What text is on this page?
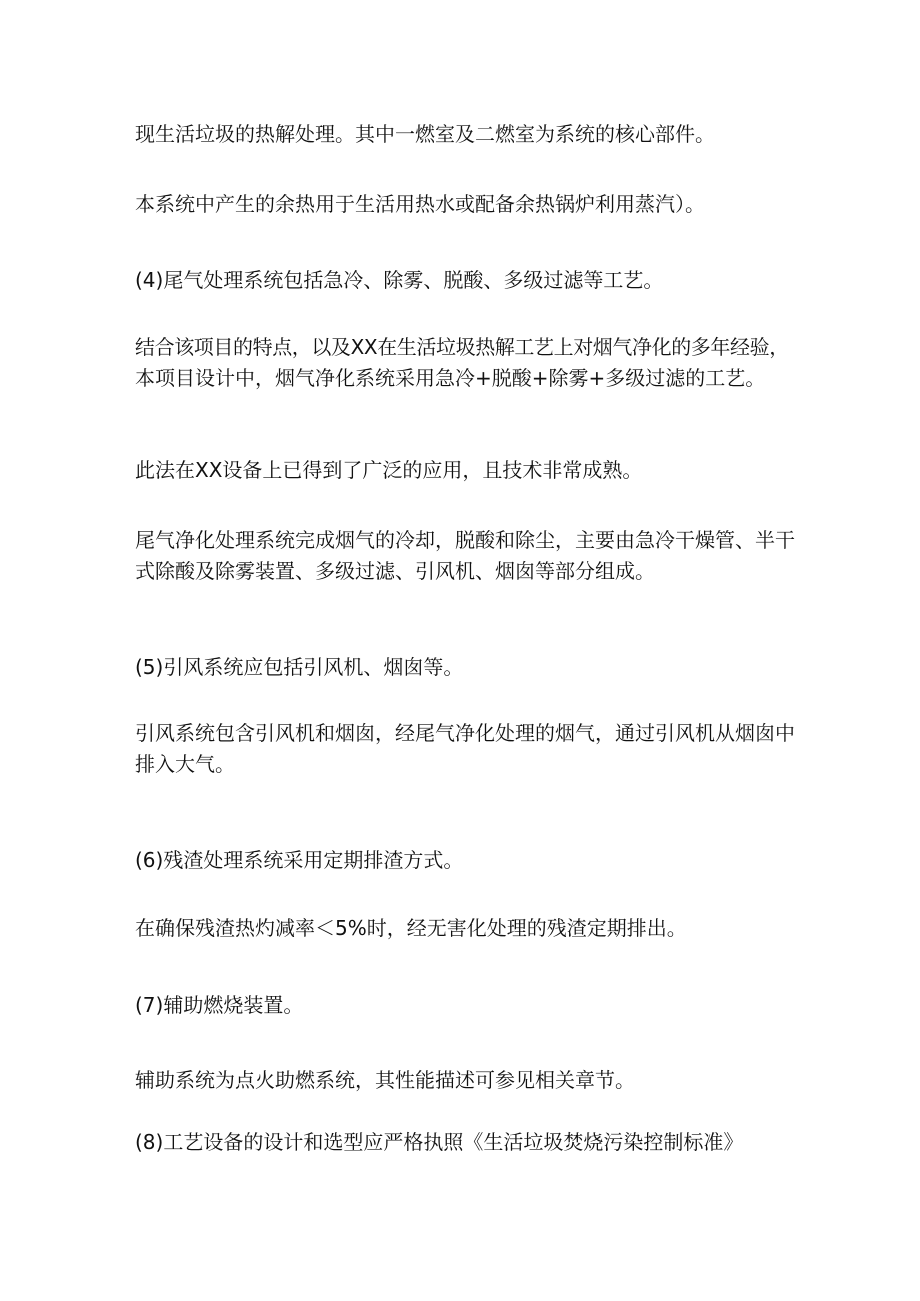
现生活垃圾的热解处理。其中一燃室及二燃室为系统的核心部件。

本系统中产生的余热用于生活用热水或配备余热锅炉利用蒸汽）。

(4)尾气处理系统包括急冷、除雾、脱酸、多级过滤等工艺。

结合该项目的特点，以及XX在生活垃圾热解工艺上对烟气净化的多年经验，
本项目设计中，烟气净化系统采用急冷+脱酸+除雾+多级过滤的工艺。

此法在XX设备上已得到了广泛的应用，且技术非常成熟。

尾气净化处理系统完成烟气的冷却，脱酸和除尘，主要由急冷干燥管、半干
式除酸及除雾装置、多级过滤、引风机、烟囱等部分组成。

(5)引风系统应包括引风机、烟囱等。

引风系统包含引风机和烟囱，经尾气净化处理的烟气，通过引风机从烟囱中
排入大气。

(6)残渣处理系统采用定期排渣方式。

在确保残渣热灼减率＜5%时，经无害化处理的残渣定期排出。

(7)辅助燃烧装置。

辅助系统为点火助燃系统，其性能描述可参见相关章节。

(8)工艺设备的设计和选型应严格执照《生活垃圾焚烧污染控制标准》
